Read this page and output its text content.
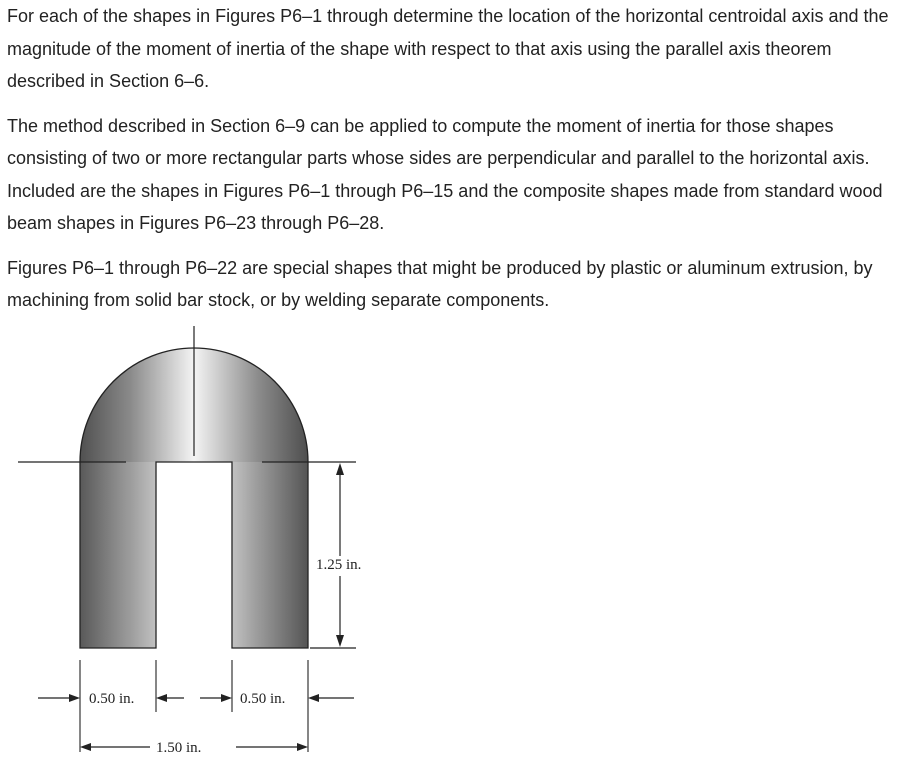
For each of the shapes in Figures P6–1 through determine the location of the horizontal centroidal axis and the magnitude of the moment of inertia of the shape with respect to that axis using the parallel axis theorem described in Section 6–6.

The method described in Section 6–9 can be applied to compute the moment of inertia for those shapes consisting of two or more rectangular parts whose sides are perpendicular and parallel to the horizontal axis. Included are the shapes in Figures P6–1 through P6–15 and the composite shapes made from standard wood beam shapes in Figures P6–23 through P6–28.

Figures P6–1 through P6–22 are special shapes that might be produced by plastic or aluminum extrusion, by machining from solid bar stock, or by welding separate components.

1.25 in.
0.50 in.	0.50 in.
1.50 in.
